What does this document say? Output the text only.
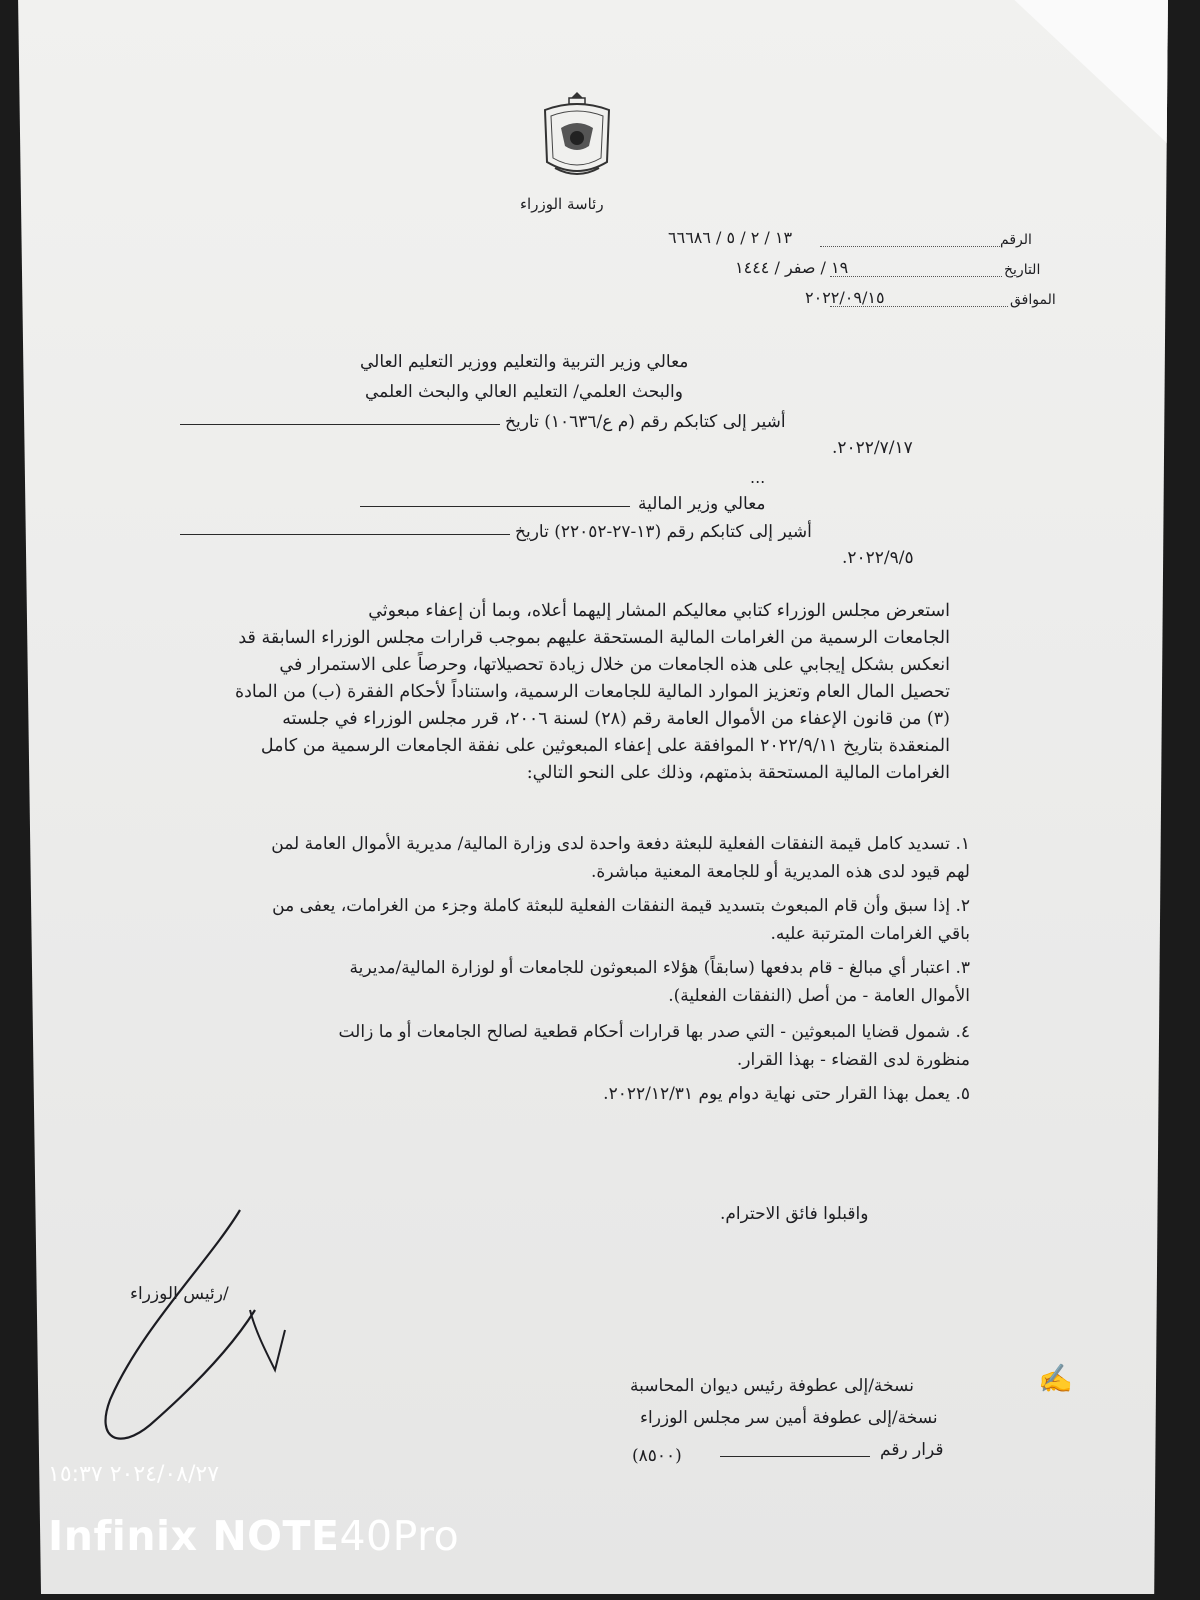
رئاسة الوزراء
الرقم
١٣ / ٢ / ٥ / ٦٦٦٨٦
التاريخ
١٩ / صفر / ١٤٤٤
الموافق
٢٠٢٢/٠٩/١٥
معالي وزير التربية والتعليم ووزير التعليم العالي
والبحث العلمي/ التعليم العالي والبحث العلمي
أشير إلى كتابكم رقم (م ع/١٠٦٣٦) تاريخ
٢٠٢٢/٧/١٧.
...
معالي وزير المالية
أشير إلى كتابكم رقم (١٣-٢٧-٢٢٠٥٢) تاريخ
٢٠٢٢/٩/٥.
استعرض مجلس الوزراء كتابي معاليكم المشار إليهما أعلاه، وبما أن إعفاء مبعوثي
الجامعات الرسمية من الغرامات المالية المستحقة عليهم بموجب قرارات مجلس الوزراء السابقة قد
انعكس بشكل إيجابي على هذه الجامعات من خلال زيادة تحصيلاتها، وحرصاً على الاستمرار في
تحصيل المال العام وتعزيز الموارد المالية للجامعات الرسمية، واستناداً لأحكام الفقرة (ب) من المادة
(٣) من قانون الإعفاء من الأموال العامة رقم (٢٨) لسنة ٢٠٠٦، قرر مجلس الوزراء في جلسته
المنعقدة بتاريخ ٢٠٢٢/٩/١١ الموافقة على إعفاء المبعوثين على نفقة الجامعات الرسمية من كامل
الغرامات المالية المستحقة بذمتهم، وذلك على النحو التالي:
١. تسديد كامل قيمة النفقات الفعلية للبعثة دفعة واحدة لدى وزارة المالية/ مديرية الأموال العامة لمن
لهم قيود لدى هذه المديرية أو للجامعة المعنية مباشرة.
٢. إذا سبق وأن قام المبعوث بتسديد قيمة النفقات الفعلية للبعثة كاملة وجزء من الغرامات، يعفى من
باقي الغرامات المترتبة عليه.
٣. اعتبار أي مبالغ - قام بدفعها (سابقاً) هؤلاء المبعوثون للجامعات أو لوزارة المالية/مديرية
الأموال العامة - من أصل (النفقات الفعلية).
٤. شمول قضايا المبعوثين - التي صدر بها قرارات أحكام قطعية لصالح الجامعات أو ما زالت
منظورة لدى القضاء - بهذا القرار.
٥. يعمل بهذا القرار حتى نهاية دوام يوم ٢٠٢٢/١٢/٣١.
واقبلوا فائق الاحترام.
/رئيس الوزراء
✍
نسخة/إلى عطوفة رئيس ديوان المحاسبة
نسخة/إلى عطوفة أمين سر مجلس الوزراء
قرار رقم
(٨٥٠٠)
٢٠٢٤/٠٨/٢٧ ١٥:٣٧
Infinix NOTE40Pro
